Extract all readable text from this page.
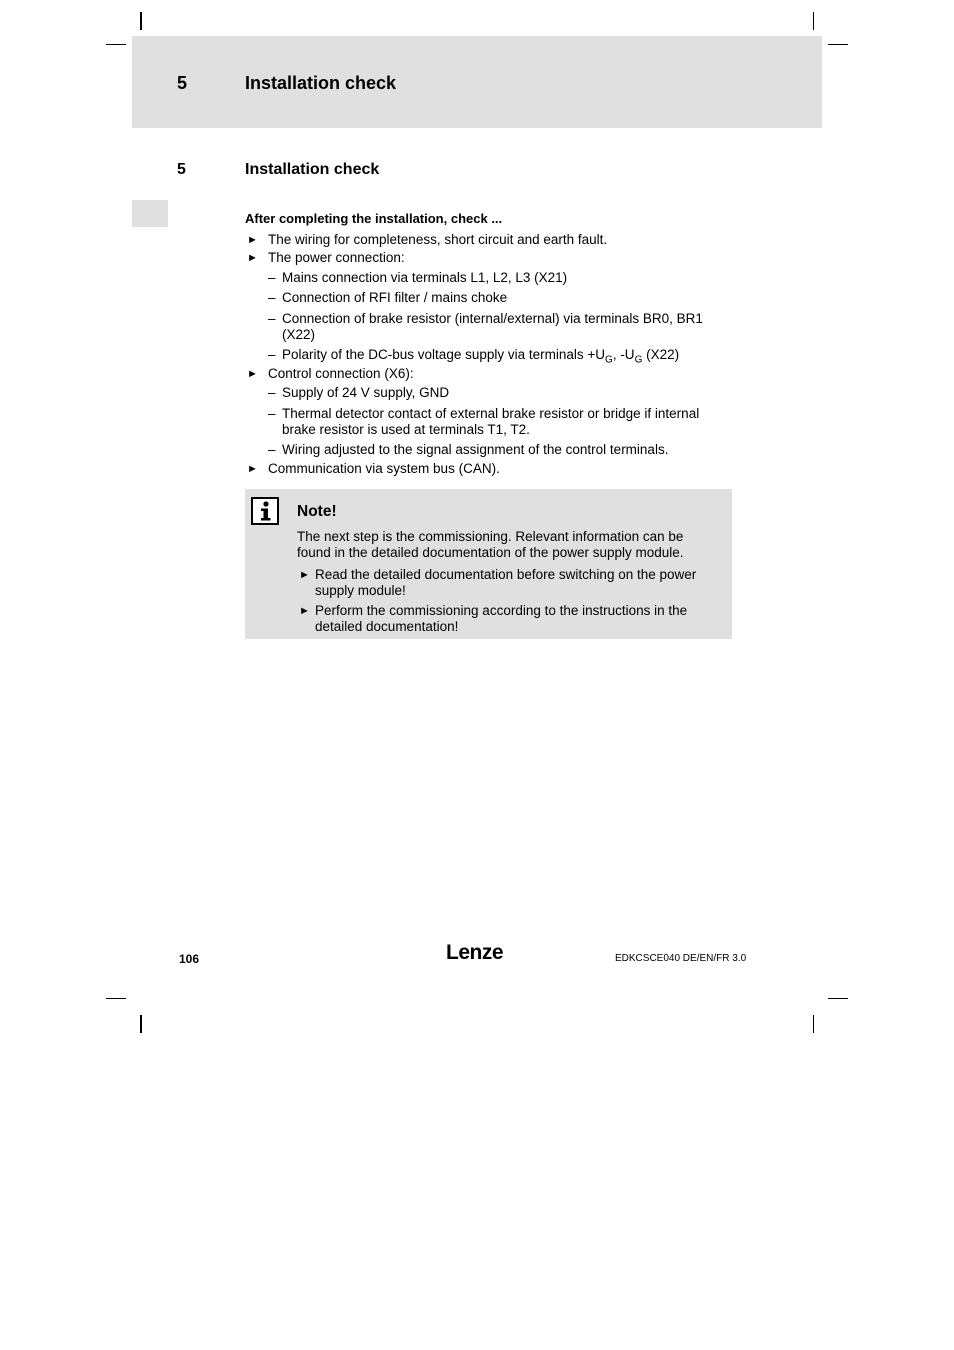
5	Installation check
5	Installation check
After completing the installation, check ...
► The wiring for completeness, short circuit and earth fault.
► The power connection:
– Mains connection via terminals L1, L2, L3 (X21)
– Connection of RFI filter / mains choke
– Connection of brake resistor (internal/external) via terminals BR0, BR1
(X22)
– Polarity of the DC-bus voltage supply via terminals $+U_G$, $-U_G$ (X22)
► Control connection (X6):
– Supply of 24 V supply, GND
– Thermal detector contact of external brake resistor or bridge if internal
brake resistor is used at terminals T1, T2.
– Wiring adjusted to the signal assignment of the control terminals.
► Communication via system bus (CAN).
Note!
The next step is the commissioning. Relevant information can be
found in the detailed documentation of the power supply module.
► Read the detailed documentation before switching on the power
supply module!
► Perform the commissioning according to the instructions in the
detailed documentation!
106	Lenze	EDKCSCE040 DE/EN/FR 3.0
